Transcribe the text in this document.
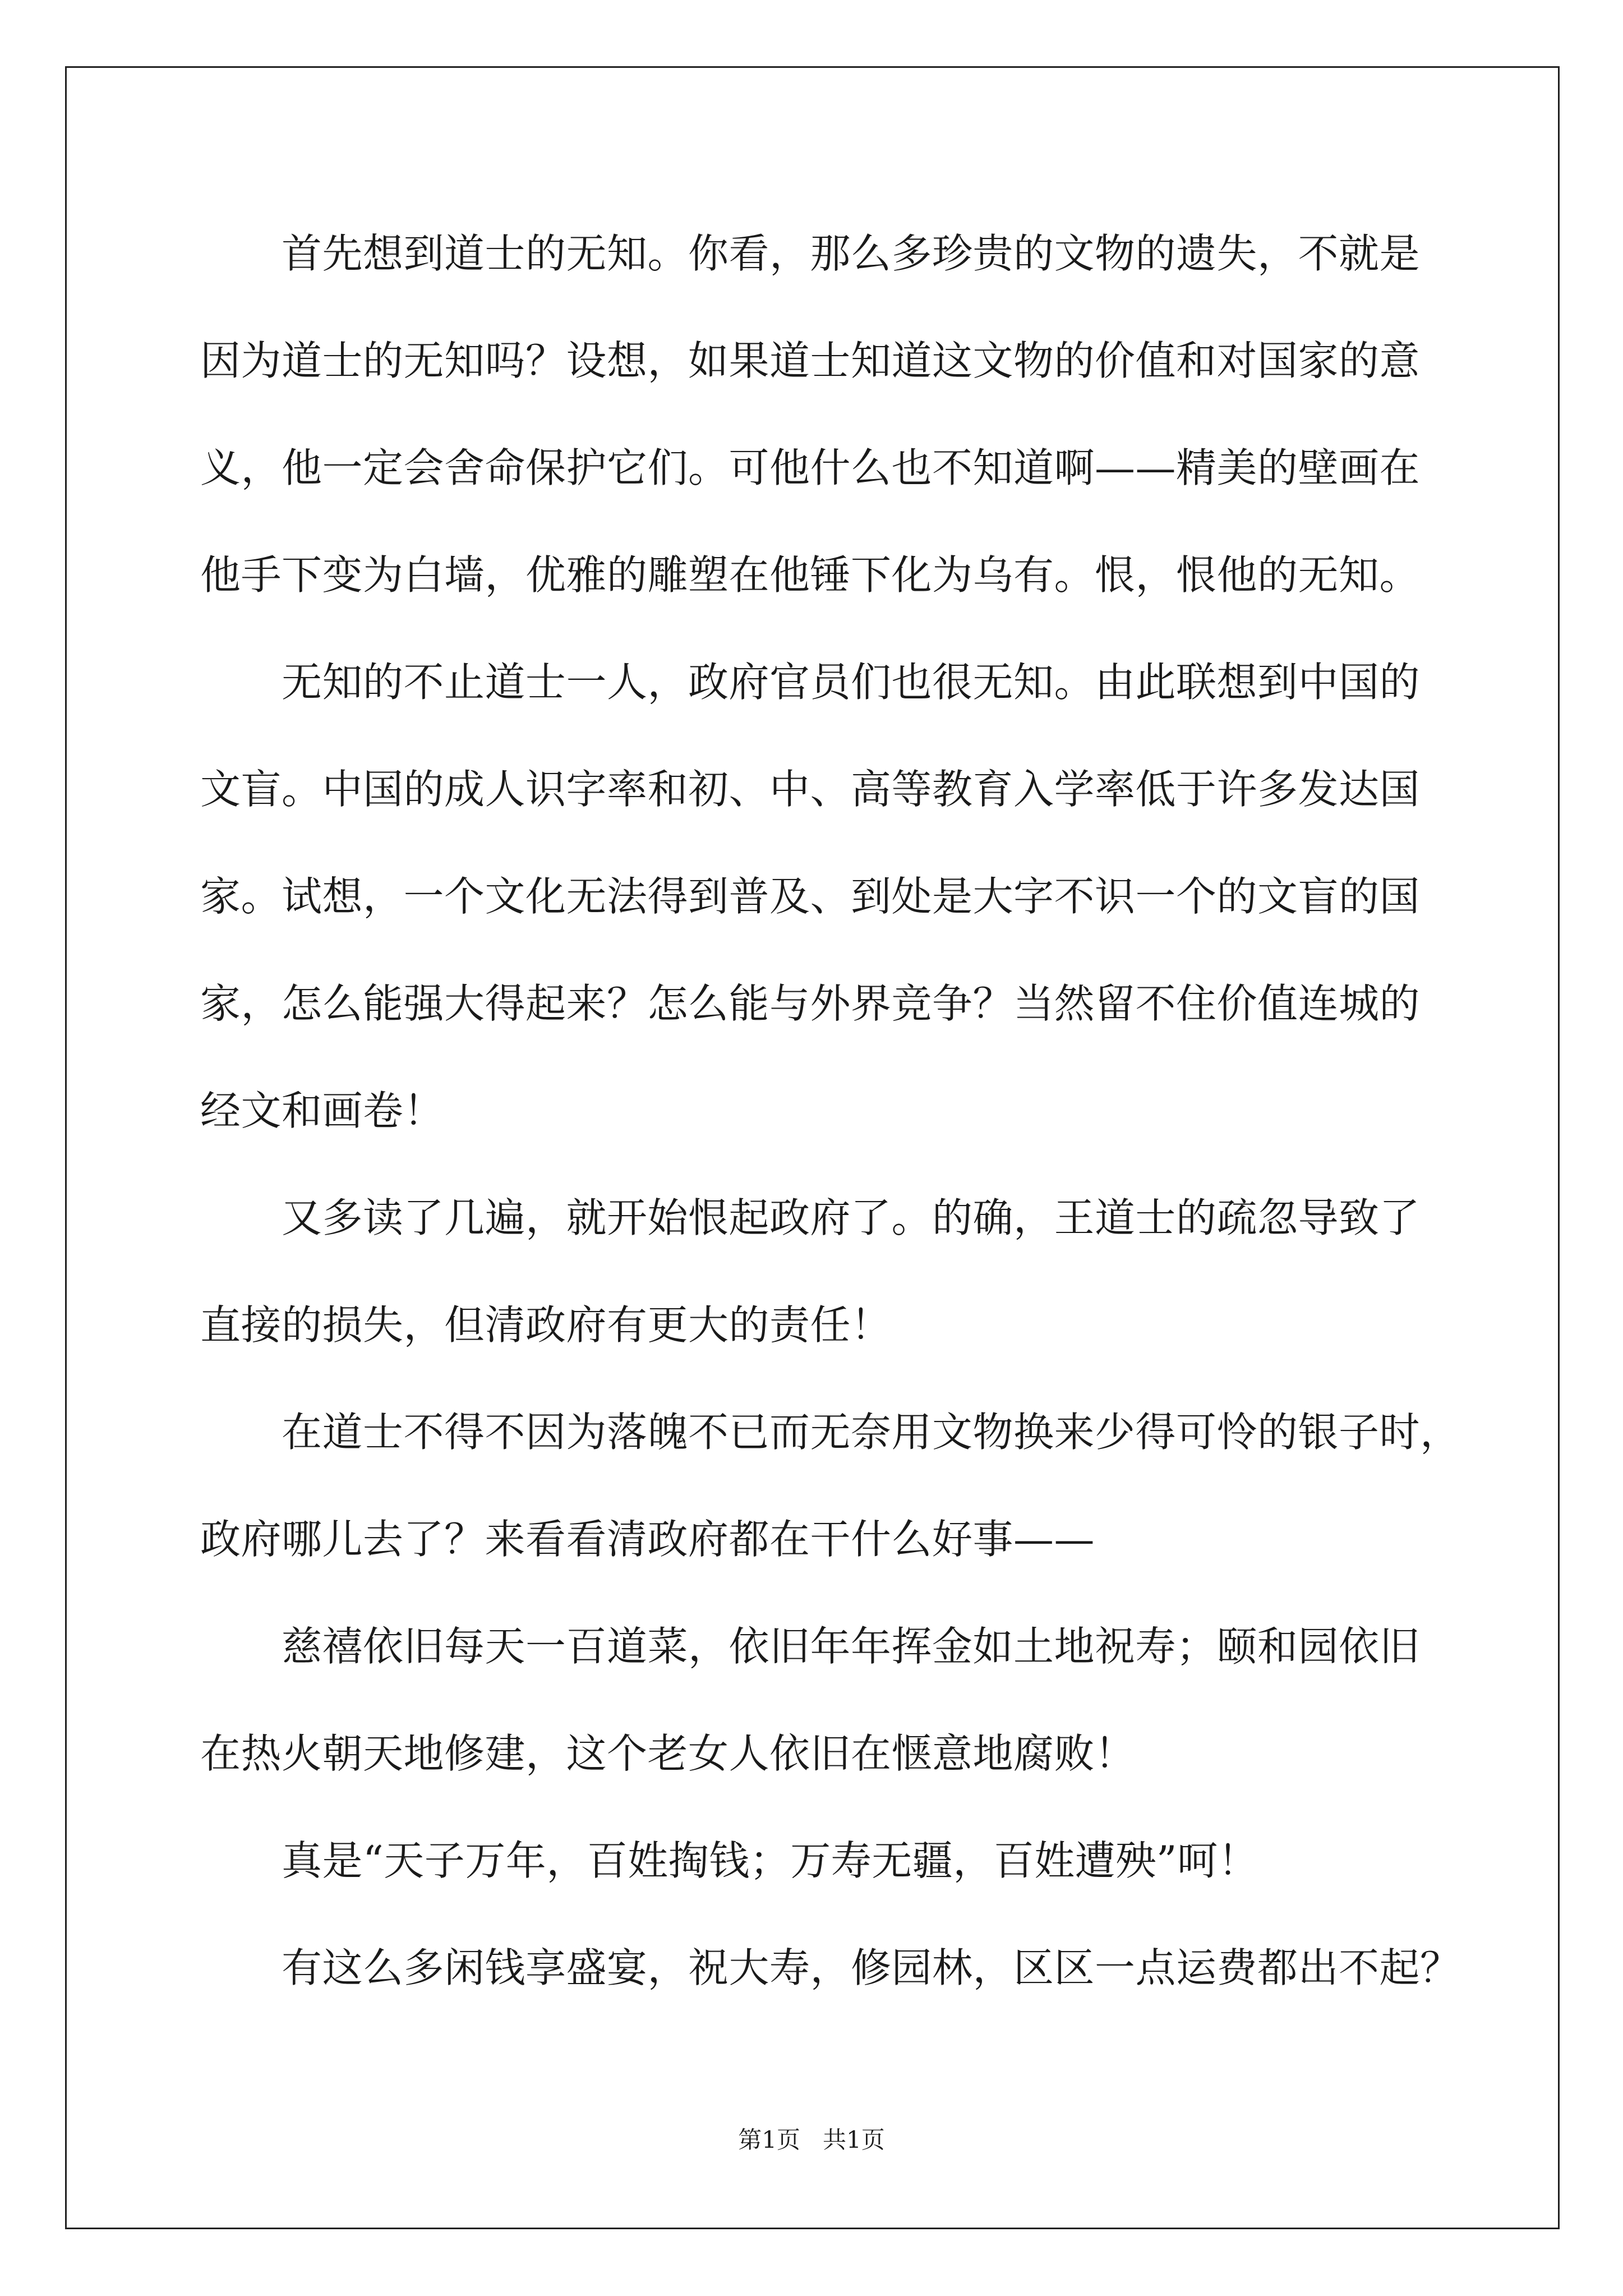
首先想到道士的无知。你看，那么多珍贵的文物的遗失，不就是
因为道士的无知吗？设想，如果道士知道这文物的价值和对国家的意
义，他一定会舍命保护它们。可他什么也不知道啊——精美的壁画在
他手下变为白墙，优雅的雕塑在他锤下化为乌有。恨，恨他的无知。
无知的不止道士一人，政府官员们也很无知。由此联想到中国的
文盲。中国的成人识字率和初、中、高等教育入学率低于许多发达国
家。试想，一个文化无法得到普及、到处是大字不识一个的文盲的国
家，怎么能强大得起来？怎么能与外界竞争？当然留不住价值连城的
经文和画卷！
又多读了几遍，就开始恨起政府了。的确，王道士的疏忽导致了
直接的损失，但清政府有更大的责任！
在道士不得不因为落魄不已而无奈用文物换来少得可怜的银子时，
政府哪儿去了？来看看清政府都在干什么好事——
慈禧依旧每天一百道菜，依旧年年挥金如土地祝寿；颐和园依旧
在热火朝天地修建，这个老女人依旧在惬意地腐败！
真是“天子万年，百姓掏钱；万寿无疆，百姓遭殃”呵！
有这么多闲钱享盛宴，祝大寿，修园林，区区一点运费都出不起？
第1页 共1页
